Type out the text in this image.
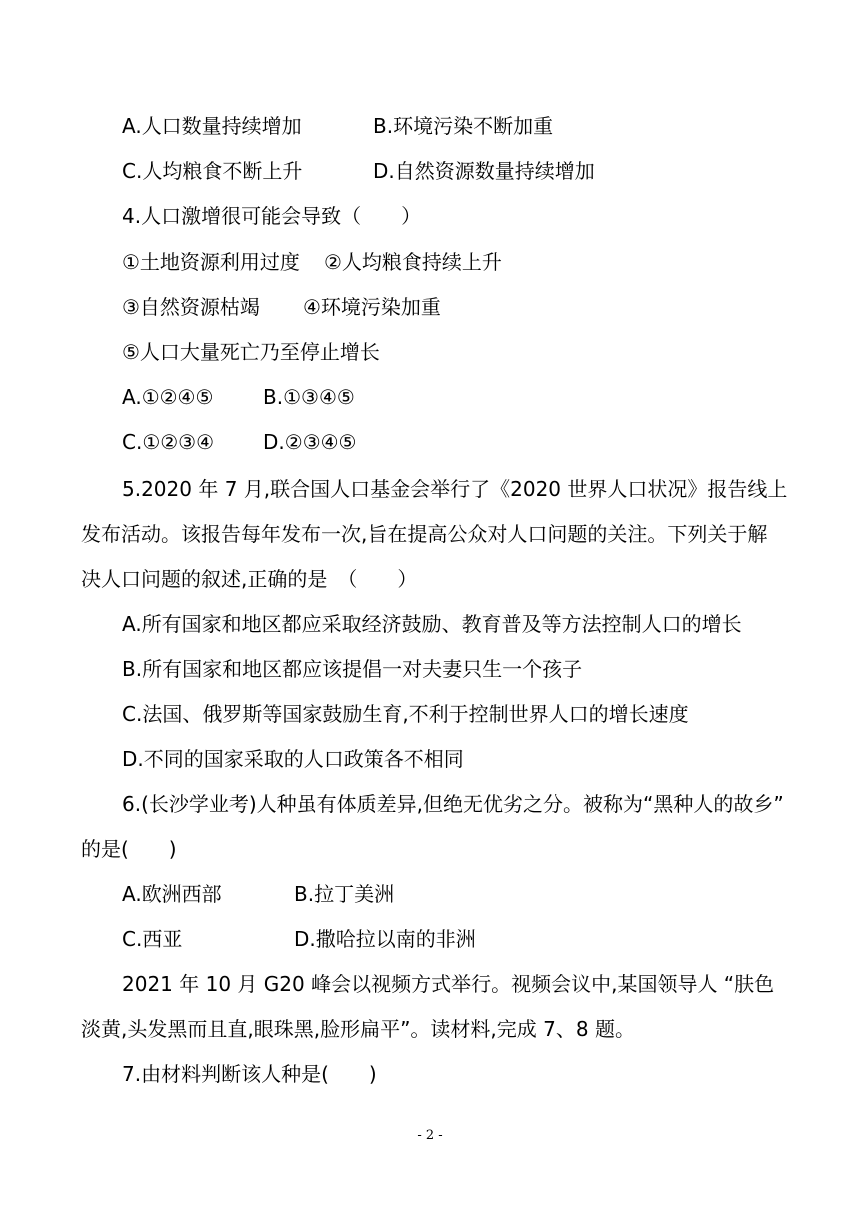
A.人口数量持续增加	B.环境污染不断加重
C.人均粮食不断上升	D.自然资源数量持续增加
4.人口激增很可能会导致（　　）
①土地资源利用过度 ②人均粮食持续上升
③自然资源枯竭 ④环境污染加重
⑤人口大量死亡乃至停止增长
A.①②④⑤ B.①③④⑤
C.①②③④ D.②③④⑤
5.2020 年 7 月,联合国人口基金会举行了《2020 世界人口状况》报告线上
发布活动。该报告每年发布一次,旨在提高公众对人口问题的关注。下列关于解
决人口问题的叙述,正确的是　（　　）
A.所有国家和地区都应采取经济鼓励、教育普及等方法控制人口的增长
B.所有国家和地区都应该提倡一对夫妻只生一个孩子
C.法国、俄罗斯等国家鼓励生育,不利于控制世界人口的增长速度
D.不同的国家采取的人口政策各不相同
6.(长沙学业考)人种虽有体质差异,但绝无优劣之分。被称为“黑种人的故乡”
的是(　　)
A.欧洲西部	B.拉丁美洲
C.西亚	D.撒哈拉以南的非洲
2021 年 10 月 G20 峰会以视频方式举行。视频会议中,某国领导人 “肤色
淡黄,头发黑而且直,眼珠黑,脸形扁平”。读材料,完成 7、8 题。
7.由材料判断该人种是(　　)
- 2 -
